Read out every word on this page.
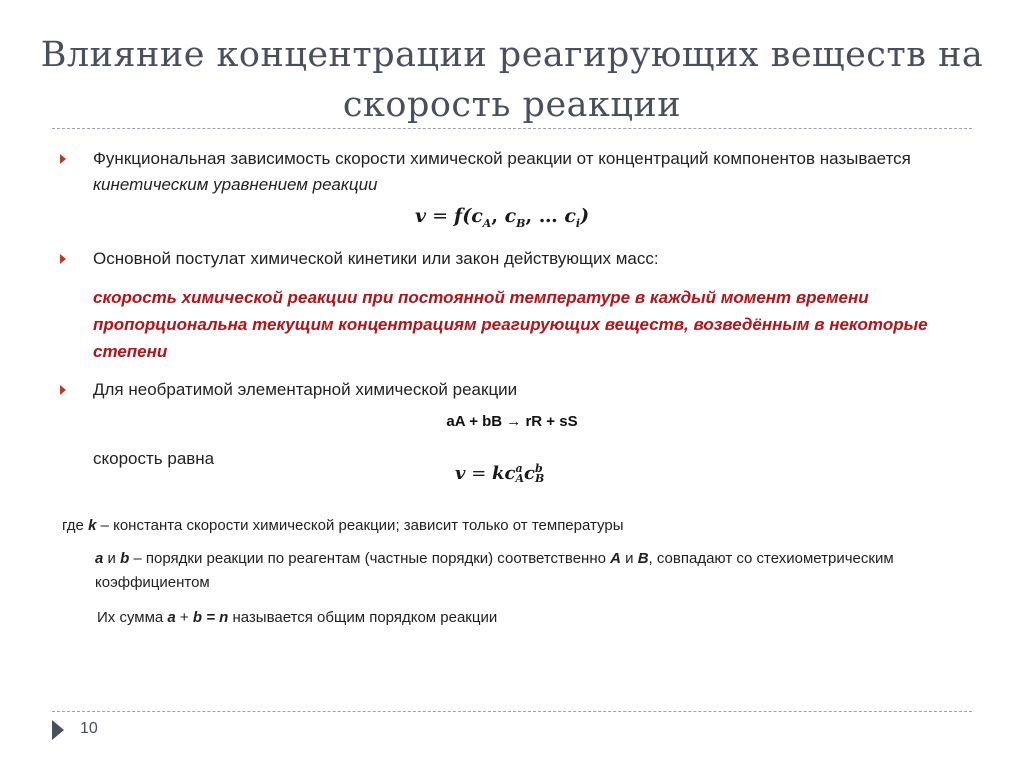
Влияние концентрации реагирующих веществ на скорость реакции
Функциональная зависимость скорости химической реакции от концентраций компонентов называется кинетическим уравнением реакции
$v = f(c_A$, $c_B$, … $c_i$)
Основной постулат химической кинетики или закон действующих масс:
скорость химической реакции при постоянной температуре в каждый момент времени пропорциональна текущим концентрациям реагирующих веществ, возведённым в некоторые степени
Для необратимой элементарной химической реакции
aA + bB → rR + sS
скорость равна
v = kca
Acb
B
где k – константа скорости химической реакции; зависит только от температуры
a и b – порядки реакции по реагентам (частные порядки) соответственно A и B, совпадают со стехиометрическим коэффициентом
Их сумма a + b = n называется общим порядком реакции
10
